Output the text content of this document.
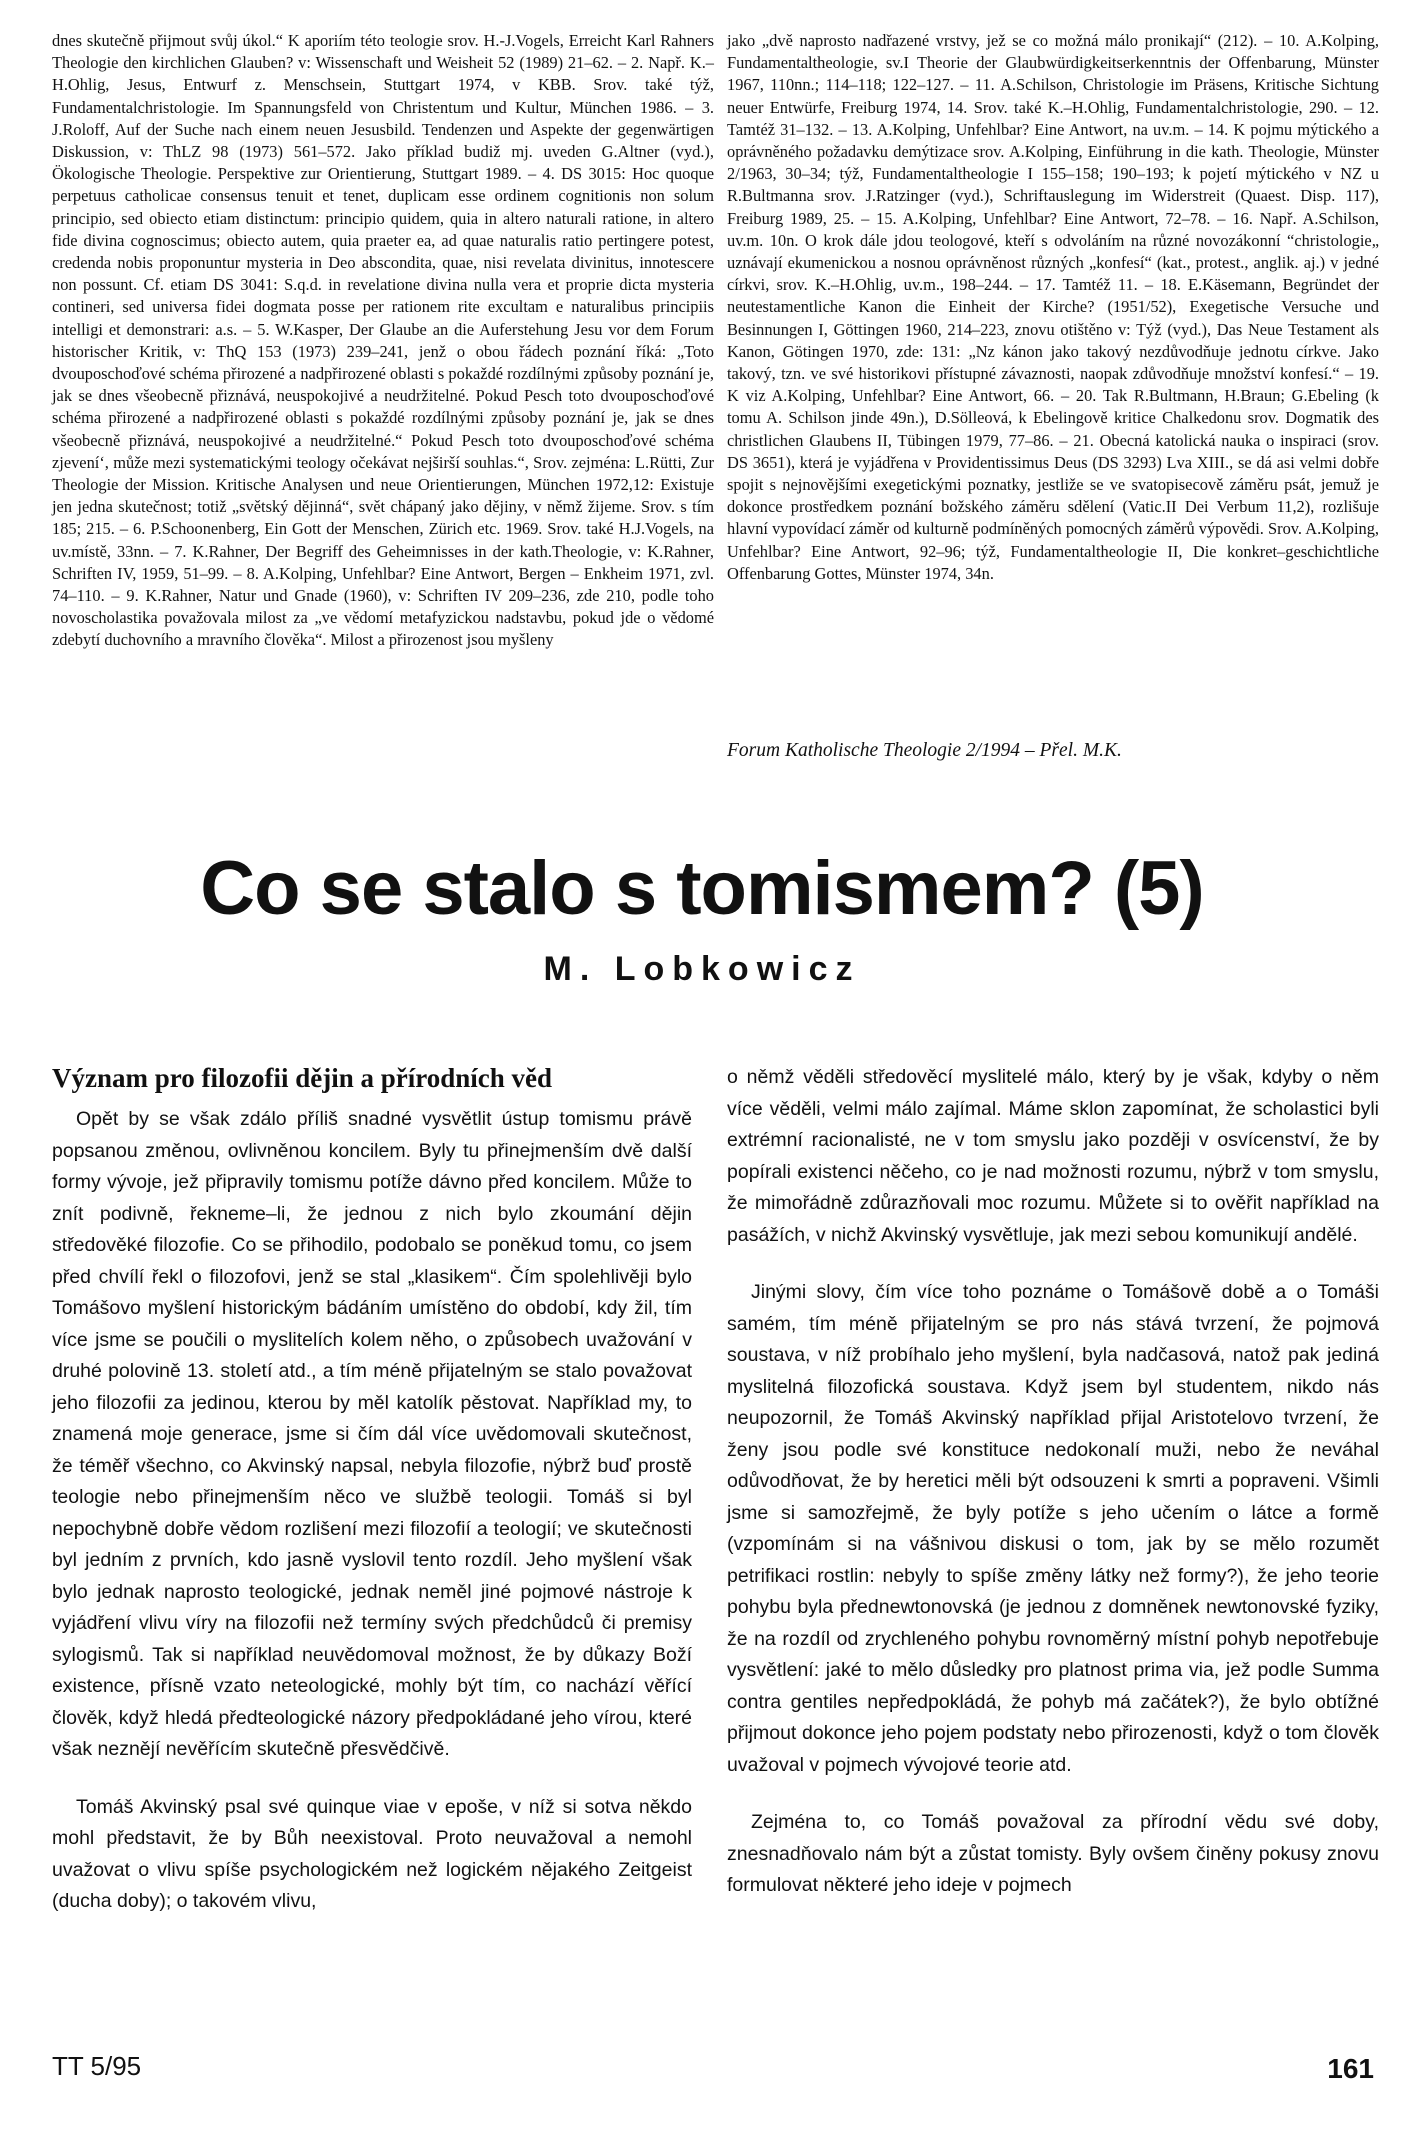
dnes skutečně přijmout svůj úkol.“ K aporiím této teologie srov. H.-J.Vogels, Erreicht Karl Rahners Theologie den kirchlichen Glauben? v: Wissenschaft und Weisheit 52 (1989) 21–62. – 2. Např. K.–H.Ohlig, Jesus, Entwurf z. Menschsein, Stuttgart 1974, v KBB. Srov. také týž, Fundamentalchristologie. Im Spannungsfeld von Christentum und Kultur, München 1986. – 3. J.Roloff, Auf der Suche nach einem neuen Jesusbild. Tendenzen und Aspekte der gegenwärtigen Diskussion, v: ThLZ 98 (1973) 561–572. Jako příklad budiž mj. uveden G.Altner (vyd.), Ökologische Theologie. Perspektive zur Orientierung, Stuttgart 1989. – 4. DS 3015: Hoc quoque perpetuus catholicae consensus tenuit et tenet, duplicam esse ordinem cognitionis non solum principio, sed obiecto etiam distinctum: principio quidem, quia in altero naturali ratione, in altero fide divina cognoscimus; obiecto autem, quia praeter ea, ad quae naturalis ratio pertingere potest, credenda nobis proponuntur mysteria in Deo abscondita, quae, nisi revelata divinitus, innotescere non possunt. Cf. etiam DS 3041: S.q.d. in revelatione divina nulla vera et proprie dicta mysteria contineri, sed universa fidei dogmata posse per rationem rite excultam e naturalibus principiis intelligi et demonstrari: a.s. – 5. W.Kasper, Der Glaube an die Auferstehung Jesu vor dem Forum historischer Kritik, v: ThQ 153 (1973) 239–241, jenž o obou řádech poznání říká: „Toto dvouposchoďové schéma přirozené a nadpřirozené oblasti s pokaždé rozdílnými způsoby poznání je, jak se dnes všeobecně přiznává, neuspokojivé a neudržitelné. Pokud Pesch toto dvouposchoďové schéma přirozené a nadpřirozené oblasti s pokaždé rozdílnými způsoby poznání je, jak se dnes všeobecně přiznává, neuspokojivé a neudržitelné.“ Pokud Pesch toto dvouposchoďové schéma zjevení‘, může mezi systematickými teology očekávat nejširší souhlas.“, Srov. zejména: L.Rütti, Zur Theologie der Mission. Kritische Analysen und neue Orientierungen, München 1972,12: Existuje jen jedna skutečnost; totiž „světský dějinná“, svět chápaný jako dějiny, v němž žijeme. Srov. s tím 185; 215. – 6. P.Schoonenberg, Ein Gott der Menschen, Zürich etc. 1969. Srov. také H.J.Vogels, na uv.místě, 33nn. – 7. K.Rahner, Der Begriff des Geheimnisses in der kath.Theologie, v: K.Rahner, Schriften IV, 1959, 51–99. – 8. A.Kolping, Unfehlbar? Eine Antwort, Bergen – Enkheim 1971, zvl. 74–110. – 9. K.Rahner, Natur und Gnade (1960), v: Schriften IV 209–236, zde 210, podle toho novoscholastika považovala milost za „ve vědomí metafyzickou nadstavbu, pokud jde o vědomé zdebytí duchovního a mravního člověka“. Milost a přirozenost jsou myšleny

jako „dvě naprosto nadřazené vrstvy, jež se co možná málo pronikají“ (212). – 10. A.Kolping, Fundamentaltheologie, sv.I Theorie der Glaubwürdigkeitserkenntnis der Offenbarung, Münster 1967, 110nn.; 114–118; 122–127. – 11. A.Schilson, Christologie im Präsens, Kritische Sichtung neuer Entwürfe, Freiburg 1974, 14. Srov. také K.–H.Ohlig, Fundamentalchristologie, 290. – 12. Tamtéž 31–132. – 13. A.Kolping, Unfehlbar? Eine Antwort, na uv.m. – 14. K pojmu mýtického a oprávněného požadavku demýtizace srov. A.Kolping, Einführung in die kath. Theologie, Münster 2/1963, 30–34; týž, Fundamentaltheologie I 155–158; 190–193; k pojetí mýtického v NZ u R.Bultmanna srov. J.Ratzinger (vyd.), Schriftauslegung im Widerstreit (Quaest. Disp. 117), Freiburg 1989, 25. – 15. A.Kolping, Unfehlbar? Eine Antwort, 72–78. – 16. Např. A.Schilson, uv.m. 10n. O krok dále jdou teologové, kteří s odvoláním na různé novozákonní “christologie„ uznávají ekumenickou a nosnou oprávněnost různých „konfesí“ (kat., protest., anglik. aj.) v jedné církvi, srov. K.–H.Ohlig, uv.m., 198–244. – 17. Tamtéž 11. – 18. E.Käsemann, Begründet der neutestamentliche Kanon die Einheit der Kirche? (1951/52), Exegetische Versuche und Besinnungen I, Göttingen 1960, 214–223, znovu otištěno v: Týž (vyd.), Das Neue Testament als Kanon, Götingen 1970, zde: 131: „Nz kánon jako takový nezdůvodňuje jednotu církve. Jako takový, tzn. ve své historikovi přístupné závaznosti, naopak zdůvodňuje množství konfesí.“ – 19. K viz A.Kolping, Unfehlbar? Eine Antwort, 66. – 20. Tak R.Bultmann, H.Braun; G.Ebeling (k tomu A. Schilson jinde 49n.), D.Sölleová, k Ebelingově kritice Chalkedonu srov. Dogmatik des christlichen Glaubens II, Tübingen 1979, 77–86. – 21. Obecná katolická nauka o inspiraci (srov. DS 3651), která je vyjádřena v Providentissimus Deus (DS 3293) Lva XIII., se dá asi velmi dobře spojit s nejnovějšími exegetickými poznatky, jestliže se ve svatopisecově záměru psát, jemuž je dokonce prostředkem poznání božského záměru sdělení (Vatic.II Dei Verbum 11,2), rozlišuje hlavní vypovídací záměr od kulturně podmíněných pomocných záměrů výpovědi. Srov. A.Kolping, Unfehlbar? Eine Antwort, 92–96; týž, Fundamentaltheologie II, Die konkret–geschichtliche Offenbarung Gottes, Münster 1974, 34n.

Forum Katholische Theologie 2/1994 – Přel. M.K.
Co se stalo s tomismem? (5)
M. Lobkowicz
Význam pro filozofii dějin a přírodních věd

Opět by se však zdálo příliš snadné vysvětlit ústup tomismu právě popsanou změnou, ovlivněnou koncilem. Byly tu přinejmenším dvě další formy vývoje, jež připravily tomismu potíže dávno před koncilem. Může to znít podivně, řekneme–li, že jednou z nich bylo zkoumání dějin středověké filozofie. Co se přihodilo, podobalo se poněkud tomu, co jsem před chvílí řekl o filozofovi, jenž se stal „klasikem“. Čím spolehlivěji bylo Tomášovo myšlení historickým bádáním umístěno do období, kdy žil, tím více jsme se poučili o myslitelích kolem něho, o způsobech uvažování v druhé polovině 13. století atd., a tím méně přijatelným se stalo považovat jeho filozofii za jedinou, kterou by měl katolík pěstovat. Například my, to znamená moje generace, jsme si čím dál více uvědomovali skutečnost, že téměř všechno, co Akvinský napsal, nebyla filozofie, nýbrž buď prostě teologie nebo přinejmenším něco ve službě teologii. Tomáš si byl nepochybně dobře vědom rozlišení mezi filozofií a teologií; ve skutečnosti byl jedním z prvních, kdo jasně vyslovil tento rozdíl. Jeho myšlení však bylo jednak naprosto teologické, jednak neměl jiné pojmové nástroje k vyjádření vlivu víry na filozofii než termíny svých předchůdců či premisy sylogismů. Tak si například neuvědomoval možnost, že by důkazy Boží existence, přísně vzato neteologické, mohly být tím, co nachází věřící člověk, když hledá předteologické názory předpokládané jeho vírou, které však neznějí nevěřícím skutečně přesvědčivě.

Tomáš Akvinský psal své quinque viae v epoše, v níž si sotva někdo mohl představit, že by Bůh neexistoval. Proto neuvažoval a nemohl uvažovat o vlivu spíše psychologickém než logickém nějakého Zeitgeist (ducha doby); o takovém vlivu,

o němž věděli středověcí myslitelé málo, který by je však, kdyby o něm více věděli, velmi málo zajímal. Máme sklon zapomínat, že scholastici byli extrémní racionalisté, ne v tom smyslu jako později v osvícenství, že by popírali existenci něčeho, co je nad možnosti rozumu, nýbrž v tom smyslu, že mimořádně zdůrazňovali moc rozumu. Můžete si to ověřit například na pasážích, v nichž Akvinský vysvětluje, jak mezi sebou komunikují andělé.

Jinými slovy, čím více toho poznáme o Tomášově době a o Tomáši samém, tím méně přijatelným se pro nás stává tvrzení, že pojmová soustava, v níž probíhalo jeho myšlení, byla nadčasová, natož pak jediná myslitelná filozofická soustava. Když jsem byl studentem, nikdo nás neupozornil, že Tomáš Akvinský například přijal Aristotelovo tvrzení, že ženy jsou podle své konstituce nedokonalí muži, nebo že neváhal odůvodňovat, že by heretici měli být odsouzeni k smrti a popraveni. Všimli jsme si samozřejmě, že byly potíže s jeho učením o látce a formě (vzpomínám si na vášnivou diskusi o tom, jak by se mělo rozumět petrifikaci rostlin: nebyly to spíše změny látky než formy?), že jeho teorie pohybu byla přednewtonovská (je jednou z domněnek newtonovské fyziky, že na rozdíl od zrychleného pohybu rovnoměrný místní pohyb nepotřebuje vysvětlení: jaké to mělo důsledky pro platnost prima via, jež podle Summa contra gentiles nepředpokládá, že pohyb má začátek?), že bylo obtížné přijmout dokonce jeho pojem podstaty nebo přirozenosti, když o tom člověk uvažoval v pojmech vývojové teorie atd.

Zejména to, co Tomáš považoval za přírodní vědu své doby, znesnadňovalo nám být a zůstat tomisty. Byly ovšem činěny pokusy znovu formulovat některé jeho ideje v pojmech

TT 5/95	161
